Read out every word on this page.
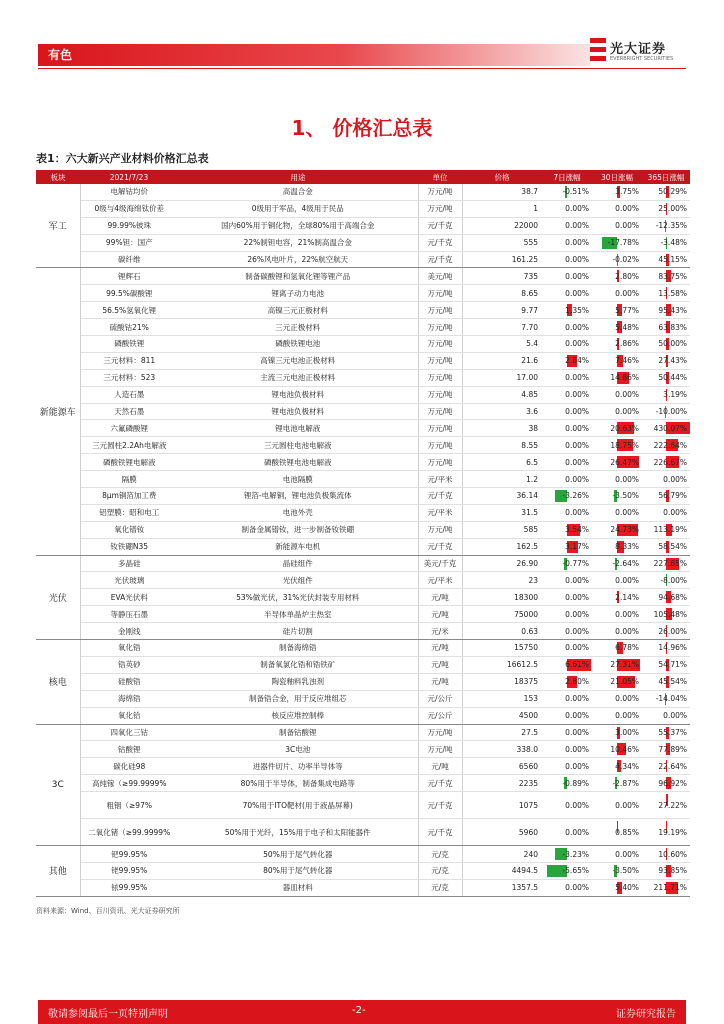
有色	光大证券
EVERBRIGHT SECURITIES
1、 价格汇总表
表1：六大新兴产业材料价格汇总表
板块	2021/7/23	用途	单位	价格	7日涨幅	30日涨幅	365日涨幅
军工	电解钴均价	高温合金	万元/吨	38.7	-0.51%	3.75%	50.29%

	0级与4级海绵钛价差	0级用于军品，4级用于民品	万元/吨	1	0.00%	0.00%	25.00%

	99.99%铍珠	国内60%用于铜化物，全球80%用于高端合金	元/千克	22000	0.00%	0.00%	-12.35%

	99%钽：国产	22%制钽电容，21%制高温合金	元/千克	555	0.00%	-17.78%	-3.48%

	碳纤维	26%风电叶片，22%航空航天	元/千克	161.25	0.00%	-0.02%	45.15%

新能源车	锂辉石	制备碳酸锂和氢氧化锂等锂产品	美元/吨	735	0.00%	2.80%	83.75%

	99.5%碳酸锂	锂离子动力电池	万元/吨	8.65	0.00%	0.00%	13.58%

	56.5%氢氧化锂	高镍三元正极材料	万元/吨	9.77	1.35%	5.77%	95.43%

	硫酸钴21%	三元正极材料	万元/吨	7.70	0.00%	5.48%	63.83%

	磷酸铁锂	磷酸铁锂电池	万元/吨	5.4	0.00%	2.86%	50.00%

	三元材料：811	高镍三元电池正极材料	万元/吨	21.6	2.84%	7.46%	27.43%

	三元材料：523	主流三元电池正极材料	万元/吨	17.00	0.00%	14.86%	50.44%

	人造石墨	锂电池负极材料	万元/吨	4.85	0.00%	0.00%	3.19%

	天然石墨	锂电池负极材料	万元/吨	3.6	0.00%	0.00%	-10.00%

	六氟磷酸锂	锂电池电解液	万元/吨	38	0.00%	20.63%	430.07%

	三元圆柱2.2Ah电解液	三元圆柱电池电解液	万元/吨	8.55	0.00%	18.75%	222.64%

	磷酸铁锂电解液	磷酸铁锂电池电解液	万元/吨	6.5	0.00%	26.47%	226.67%

	隔膜	电池隔膜	元/平米	1.2	0.00%	0.00%	0.00%

	8μm铜箔加工费	锂箔-电解铜，锂电池负极集流体	元/千克	36.14	-3.26%	-3.50%	56.79%

	铝塑膜：昭和电工	电池外壳	元/平米	31.5	0.00%	0.00%	0.00%

	氧化镨钕	制备金属镨钕，进一步制备钕铁硼	万元/吨	585	3.54%	24.73%	113.19%

	钕铁硼N35	新能源车电机	元/千克	162.5	3.17%	8.33%	58.54%

光伏	多晶硅	晶硅组件	美元/千克	26.90	-0.77%	-2.64%	227.65%

	光伏玻璃	光伏组件	元/平米	23	0.00%	0.00%	-8.00%

	EVA光伏料	53%做光伏，31%光伏封装专用材料	元/吨	18300	0.00%	2.14%	94.68%

	等静压石墨	半导体单晶炉主热室	元/吨	75000	0.00%	0.00%	105.48%

	金刚线	硅片切割	元/米	0.63	0.00%	0.00%	26.00%

核电	氧化锆	制备海绵锆	元/吨	15750	0.00%	6.78%	14.96%

	锆英砂	制备氧氯化锆和锆铁矿	元/吨	16612.5	6.61%	27.31%	54.71%

	硅酸锆	陶瓷釉料乳浊剂	元/吨	18375	2.80%	21.05%	45.54%

	海绵锆	制备锆合金，用于反应堆组芯	元/公斤	153	0.00%	0.00%	-14.04%

	氧化铪	核反应堆控制棒	元/公斤	4500	0.00%	0.00%	0.00%

3C	四氧化三钴	制备钴酸锂	万元/吨	27.5	0.00%	3.00%	55.37%

	钴酸锂	3C电池	万元/吨	338.0	0.00%	10.46%	77.89%

	碳化硅98	进器件切片、功率半导体等	元/吨	6560	0.00%	4.34%	22.64%

	高纯镓（≥99.9999%	80%用于半导体，制备集成电路等	元/千克	2235	-0.89%	-2.87%	96.92%

	粗铟（≥97%	70%用于ITO靶材(用于液晶屏幕)	元/千克	1075	0.00%	0.00%	27.22%

	二氧化锗（≥99.9999%	50%用于光纤，15%用于电子和太阳能器件	元/千克	5960	0.00%	0.85%	19.19%

其他	钯99.95%	50%用于尾气转化器	元/克	240	-3.23%	0.00%	10.60%

	铑99.95%	80%用于尾气转化器	元/克	4494.5	-5.65%	-3.50%	93.85%

	铱99.95%	器皿材料	元/克	1357.5	0.00%	5.40%	211.71%
资料来源：Wind、百川资讯、光大证券研究所
敬请参阅最后一页特别声明	-2-	证券研究报告
